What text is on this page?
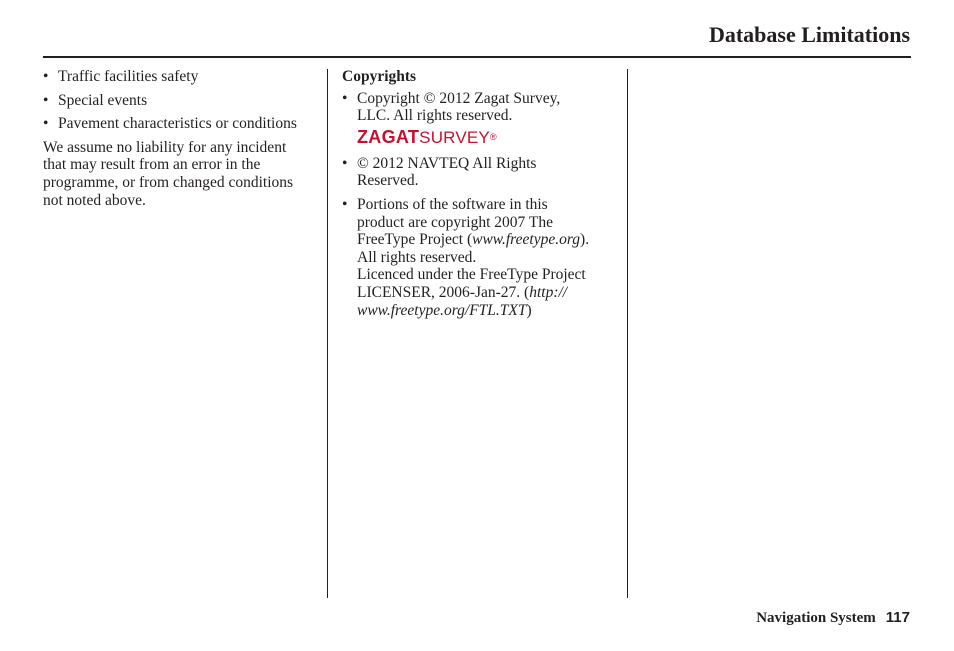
Database Limitations
• Traffic facilities safety
• Special events
• Pavement characteristics or conditions

We assume no liability for any incident that may result from an error in the programme, or from changed conditions not noted above.

Copyrights
• Copyright © 2012 Zagat Survey,
LLC. All rights reserved.
ZAGATSURVEY®
• © 2012 NAVTEQ All Rights
Reserved.
• Portions of the software in this
product are copyright 2007 The
FreeType Project (www.freetype.org).
All rights reserved.
Licenced under the FreeType Project
LICENSER, 2006-Jan-27. (http://
www.freetype.org/FTL.TXT)
Navigation System 117
